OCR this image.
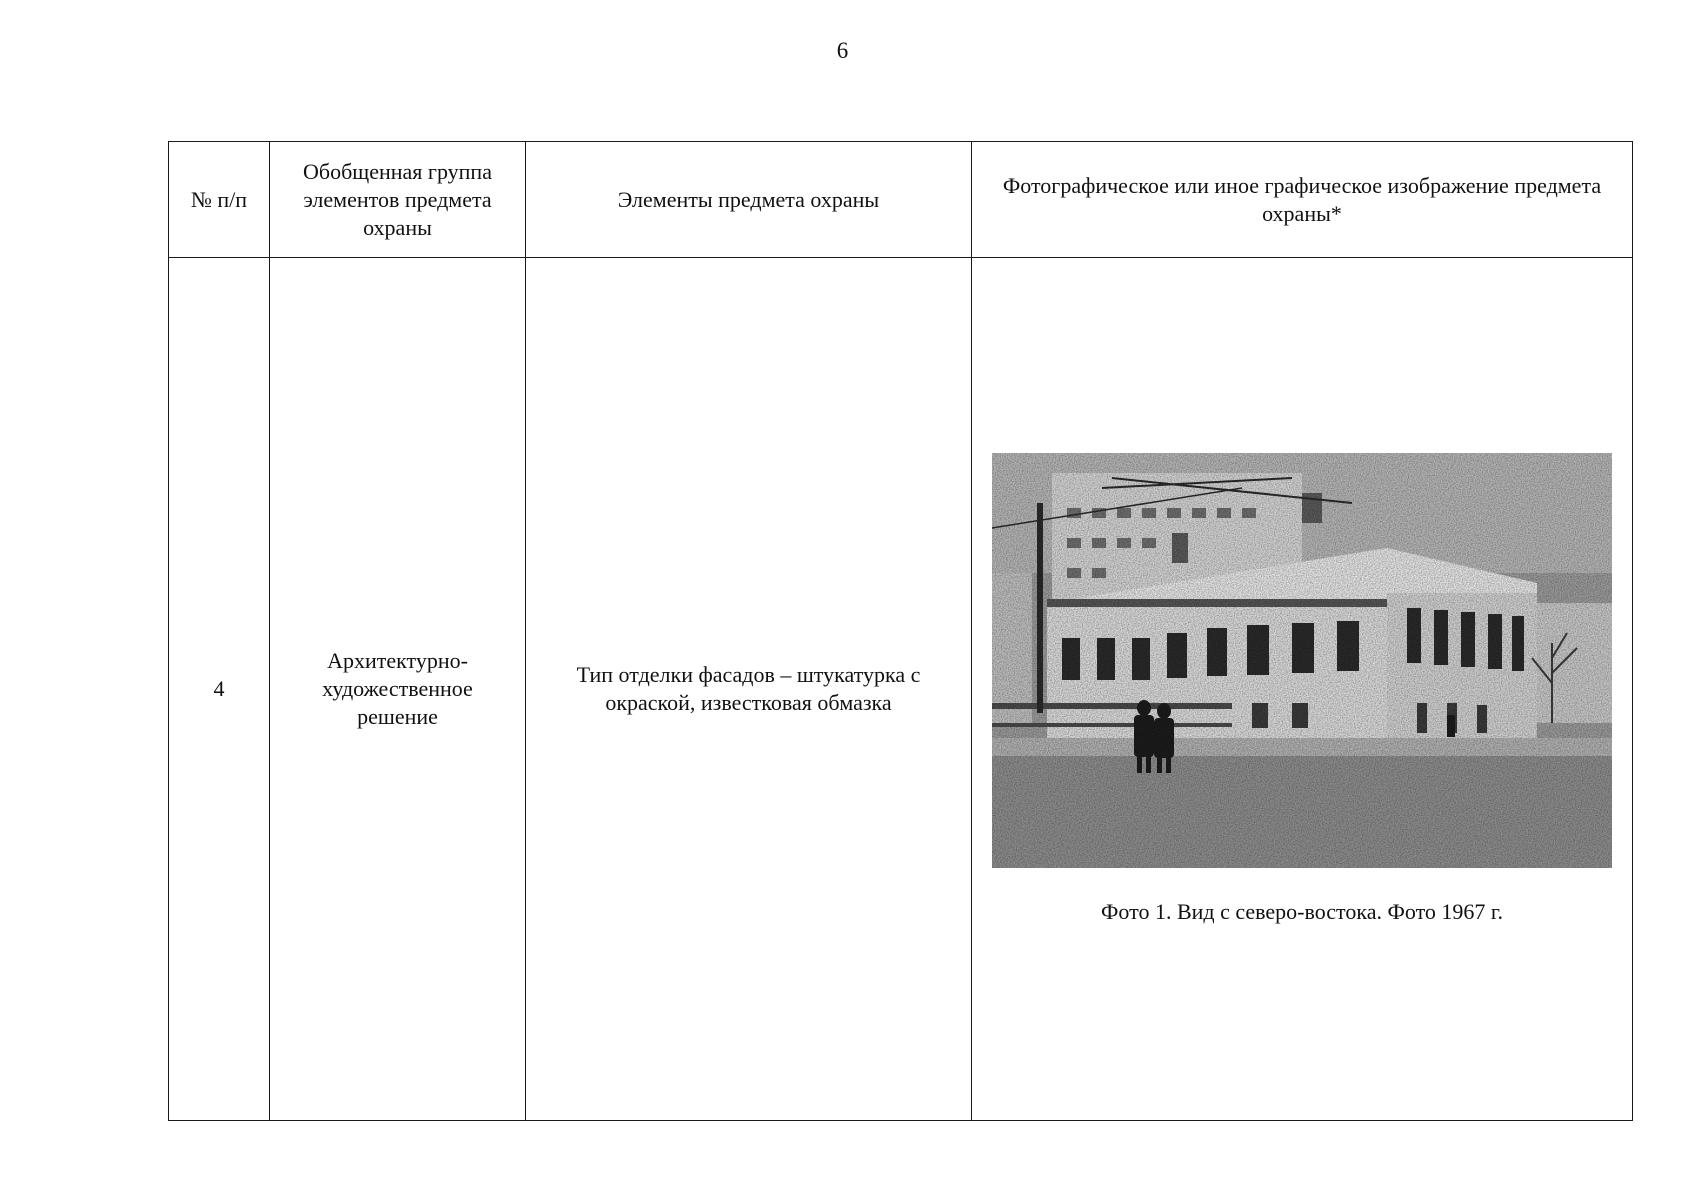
6
№ п/п	Обобщенная группа элементов предмета охраны	Элементы предмета охраны	Фотографическое или иное графическое изображение предмета охраны*
4	Архитектурно-художественное решение	Тип отделки фасадов – штукатурка с окраской, известковая обмазка	Фото 1. Вид с северо-востока. Фото 1967 г.
